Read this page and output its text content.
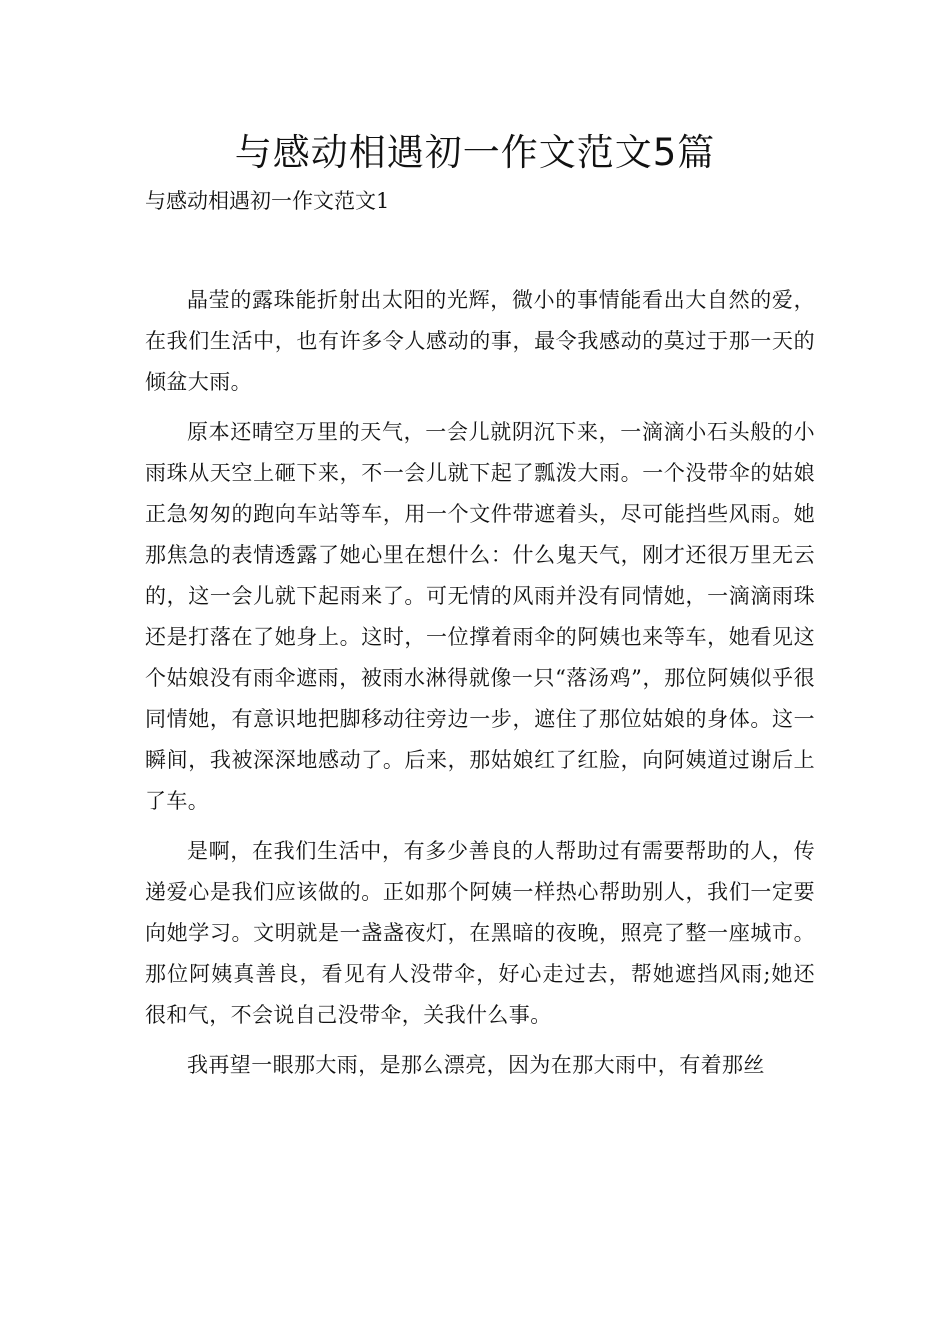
与感动相遇初一作文范文5篇
与感动相遇初一作文范文1

晶莹的露珠能折射出太阳的光辉，微小的事情能看出大自然的爱，在我们生活中，也有许多令人感动的事，最令我感动的莫过于那一天的倾盆大雨。

原本还晴空万里的天气，一会儿就阴沉下来，一滴滴小石头般的小雨珠从天空上砸下来，不一会儿就下起了瓢泼大雨。一个没带伞的姑娘正急匆匆的跑向车站等车，用一个文件带遮着头，尽可能挡些风雨。她那焦急的表情透露了她心里在想什么：什么鬼天气，刚才还很万里无云的，这一会儿就下起雨来了。可无情的风雨并没有同情她，一滴滴雨珠还是打落在了她身上。这时，一位撑着雨伞的阿姨也来等车，她看见这个姑娘没有雨伞遮雨，被雨水淋得就像一只“落汤鸡”，那位阿姨似乎很同情她，有意识地把脚移动往旁边一步，遮住了那位姑娘的身体。这一瞬间，我被深深地感动了。后来，那姑娘红了红脸，向阿姨道过谢后上了车。

是啊，在我们生活中，有多少善良的人帮助过有需要帮助的人，传递爱心是我们应该做的。正如那个阿姨一样热心帮助别人，我们一定要向她学习。文明就是一盏盏夜灯，在黑暗的夜晚，照亮了整一座城市。那位阿姨真善良，看见有人没带伞，好心走过去，帮她遮挡风雨;她还很和气，不会说自己没带伞，关我什么事。

我再望一眼那大雨，是那么漂亮，因为在那大雨中，有着那丝
